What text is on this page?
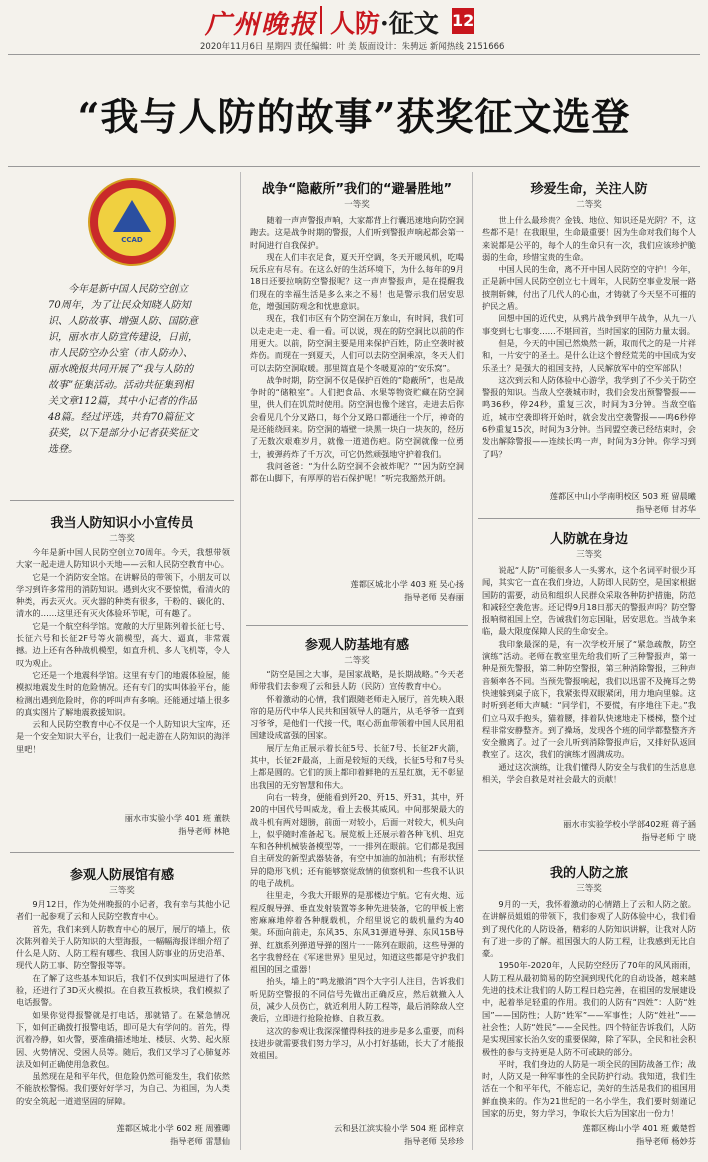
广州晚报 人防·征文 12
2020年11月6日 星期四 责任编辑：叶 美 版面设计：朱骋远 新闻热线 2151666
“我与人防的故事”获奖征文选登
CCAD
今年是新中国人民防空创立70周年，为了让民众知晓人防知识、人防故事、增强人防、国防意识，丽水市人防宣传建设，日前，市人民防空办公室（市人防办）、丽水晚报共同开展了“我与人防的故事”征集活动。活动共征集到相关文章112篇，其中小记者的作品48篇。经过评选，共有70篇征文获奖，以下是部分小记者获奖征文选登。
我当人防知识小小宣传员
二等奖

今年是新中国人民防空创立70周年。今天，我想带领大家一起走进人防知识小天地——云和人民防空教育中心。

它是一个消防安全馆。在讲解员的带领下，小朋友可以学习到许多常用的消防知识。遇到火灾不要惊慌，看清火的种类，再去灭火。灭火器的种类有很多，干粉的、碳化的、清水的……这里还有灭火体验环节呢，可有趣了。

它是一个航空科学馆。宽敞的大厅里陈列着长征七号、长征六号和长征2F号等火箭模型，高大、逼真，非常震撼。边上还有各种战机模型，如直升机、多人飞机等，令人叹为观止。

它还是一个地震科学馆。这里有专门的地震体验屋，能模拟地震发生时的危险情况。还有专门的实叫体验平台，能检测出遇到危险时，你的呼叫声有多响。还能通过墙上很多的真实图片了解地震救援知识。

云和人民防空教育中心不仅是一个人防知识大宝库，还是一个安全知识大平台，让我们一起走游在人防知识的海洋里吧！

丽水市实验小学 401 班 董轶
指导老师 林艳
参观人防展馆有感
三等奖

9月12日，作为处州晚报的小记者，我有幸与其他小记者们一起参观了云和人民防空教育中心。

首先，我们来到人防教育中心的展厅，展厅的墙上，依次陈列着关于人防知识的大型海报，一幅幅海报详细介绍了什么是人防、人防工程有哪些、我国人防事业的历史沿革、现代人防工事、防空警报等等。

在了解了这些基本知识后，我们不仅到实叫屋进行了体验，还进行了3D灭火模拟。在自救互救板块，我们模拟了电话报警。

如果你觉得报警就是打电话，那就错了。在紧急情况下，如何正确拨打报警电话，即可是大有学问的。首先，得沉着冷静，如火警，要准确描述地址、楼层、火势、起火原因、火势情况、受困人员等。随后，我们又学习了心肺复苏法及如何正确使用急救包。

虽然现在是和平年代，但危险仍然可能发生，我们依然不能放松警惕。我们要好好学习，为自己、为祖国，为人类的安全筑起一道道坚固的屏障。

莲都区城北小学 602 班 周雅卿
指导老师 雷慧仙
战争“隐蔽所”我们的“避暑胜地”
一等奖

随着一声声警报声响，大家都背上行囊迅速地向防空洞跑去。这是战争时期的警报，人们听到警报声响起都会第一时间进行自我保护。

现在人们丰衣足食，夏天开空调，冬天开暖风机，吃喝玩乐应有尽有。在这么好的生活环境下，为什么每年的9月18日还要拉响防空警报呢？这一声声警报声，是在提醒我们现在的幸福生活是多么来之不易！也是警示我们居安思危，增强国防观念和忧患意识。

现在，我们市区有个防空洞在万象山，有时间，我们可以走走走一走、看一看。可以说，现在的防空洞比以前的作用更大。以前，防空洞主要是用来保护百姓，防止空袭时被炸伤。而现在一到夏天，人们可以去防空洞乘凉，冬天人们可以去防空洞取暖。那里简直是个冬暖夏凉的“安乐窝”。

战争时期，防空洞不仅是保护百姓的“隐蔽所”，也是战争时的“储粮室”。人们把食品、水果等物资贮藏在防空洞里，供人们在饥荒时使用。防空洞也像个迷宫，走进去后你会看见几个分叉路口，每个分叉路口都通往一个厅，神奇的是还能绕回来。防空洞的墙壁一块黑一块白一块灰的，经历了无数次艰难岁月，就像一道道伤疤。防空洞就像一位勇士，被弹药炸了千万次，可它仍然顽强地守护着我们。

我问爸爸：“为什么防空洞不会被炸呢？”“因为防空洞都在山脚下，有厚厚的岩石保护呢！”听完我豁然开朗。

莲都区城北小学 403 班 吴心扬
指导老师 吴春丽
参观人防基地有感
二等奖

“防空是国之大事，是国家战略，是长期战略。”今天老师带我们去参观了云和县人防（民防）宣传教育中心。

怀着激动的心情，我们跟随老师走入展厅，首先映入眼帘的是历代中华人民共和国领导人的题片，从毛爷爷一直到习爷爷，是他们一代接一代，呕心沥血带领着中国人民用祖国建设成富强的国家。

展厅左角正展示着长征5号、长征7号、长征2F火箭，其中，长征2F最高，上面是较短的天线，长征5号和7号头上都是圆的。它们的顶上都印着鲜艳的五星红旗，无不彰显出我国的无穷智慧和伟大。

向右一转身，便能看到歼20、歼15、歼31，其中，歼20的中国代号叫威龙，看上去极其威风。中间那架最大的战斗机有两对翅膀，前面一对较小，后面一对较大，机头向上，似乎随时准备起飞。展览板上还展示着各种飞机、坦克车和各种机械装备模型等，一一排列在眼前。它们都是我国自主研发的新型武器装备，有空中加油的加油机；有形状怪异的隐形飞机；还有能够察觉敌情的侦察机和一些我不认识的电子战机。

往里走，今我大开眼界的是那楼边宁航。它有火炮、远程反舰导弹、垂直发射装置等多种先进装备，它的甲板上密密麻麻地停着各种舰载机，介绍里说它的载机量约为40架。环面向前走，东风35、东风31弹道导弹、东风15B导弹、红旗系列弹道导弹的图片一一陈列在眼前，这些导弹的名字我曾经在《军迷世界》里见过，知道这些都是守护我们祖国的国之重器！

抬头，墙上的“鸣龙撤消”四个大字引人注目，告诉我们听见防空警报的不同信号先做出正确反应，然后就撤入人员，减少人员伤亡，就近利用人防工程等，最后消除敌人空袭后，立即进行抢险抢修、自救互救。

这次的参观让我深深懂得科技的进步是多么重要，而科技进步就需要我们努力学习，从小打好基础，长大了才能报效祖国。

云和县江滨实验小学 504 班 邱梓京
指导老师 吴珍珍
珍爱生命，关注人防
二等奖

世上什么最珍贵？金钱、地位、知识还是光阴？不，这些都不是！在我眼里，生命最重要！因为生命对我们每个人来说都是公平的，每个人的生命只有一次，我们应该珍护脆弱的生命，珍惜宝贵的生命。

中国人民的生命，离不开中国人民防空的守护！今年，正是新中国人民防空创立七十周年，人民防空事业发展一路披荆斩棘，付出了几代人的心血，才铸就了今天坚不可摧的护民之盾。

回想中国的近代史，从鸦片战争到甲午战争，从九一八事变到七七事变……不堪回首，当时国家的国防力量太弱。

但是，今天的中国已然焕然一新，取而代之的是一片祥和，一片安宁的圣土。是什么让这个曾经荒芜的中国成为安乐圣土？是强大的祖国支持，人民解放军中的空军部队！

这次到云和人防体验中心游学，我学到了不少关于防空警报的知识。当敌人空袭城市时，我们会发出预警警报——鸣36秒，停24秒，重复三次，时间为3分钟。当敌空临近，城市空袭即将开始时，就会发出空袭警报——鸣6秒停6秒重复15次，时间为3分钟。当同盟空袭已经结束时，会发出解除警报——连续长鸣一声，时间为3分钟。你学习到了吗？

莲都区中山小学南明校区 503 班 留晨曦
指导老师 甘苏华
人防就在身边
三等奖

说起“人防”可能很多人一头雾水，这个名词平时很少耳闻，其实它一直在我们身边，人防即人民防空，是国家根据国防的需要，动员和组织人民群众采取各种防护措施，防范和减轻空袭危害。还记得9月18日那天的警报声吗？防空警报响彻祖国上空，告诫我们勿忘国耻，居安思危。当战争来临，最大限度保障人民的生命安全。

我印象最深的是，有一次学校开展了“紧急疏散，防空演练”活动。老师在教室里先给我们听了三种警报声，第一种是预先警报，第二种防空警报，第三种消除警报，三种声音频率各不同。当预先警报响起，我们以迅雷不及掩耳之势快速躲到桌子底下，我紧张得双眼紧闭，用力地向里躲。这时听到老师大声喊：“同学们，不要慌，有序地往下走。”我们立马双手抱头，猫着腰，排着队快速地走下楼梯，整个过程非常安静整齐。到了操场，发现各个班的同学都整整齐齐安全撤离了。过了一会儿听到消除警报声后，又排好队返回教室了。这次，我们的演练才圆满成功。

通过这次演练，让我们懂得人防安全与我们的生活息息相关，学会自救是对社会最大的贡献！

丽水市实验学校小学部402班 蒋子涵
指导老师 宁 晓
我的人防之旅
三等奖

9月的一天，我怀着激动的心情踏上了云和人防之旅。在讲解员姐姐的带领下，我们参观了人防体验中心，我们看到了现代化的人防设备，精彩的人防知识讲解，让我对人防有了进一步的了解。祖国强大的人防工程，让我感到无比自豪。

1950年-2020年，人民防空经历了70年的风风雨雨，人防工程从最初简易的防空洞到现代化的自动设备，越来越先进的技术让我们的人防工程日趋完善，在祖国的发展建设中，起着举足轻重的作用。我们的人防有“四姓”：人防“姓国”——国防性；人防“姓军”——军事性；人防“姓社”——社会性；人防“姓民”——全民性。四个特征告诉我们，人防是实现国家长治久安的重要保障，除了军队，全民和社会积极性的参与支持更是人防不可或缺的部分。

平时，我们身边的人防是一项全民的国防战备工作；战时，人防又是一种军事性的全民防护行动。我知道，我们生活在一个和平年代，不能忘记，美好的生活是我们的祖国用鲜血换来的。作为21世纪的一名小学生，我们要时刻谨记国家的历史，努力学习，争取长大后为国家出一份力！

莲都区梅山小学 401 班 戴楚哲
指导老师 杨妙芬
